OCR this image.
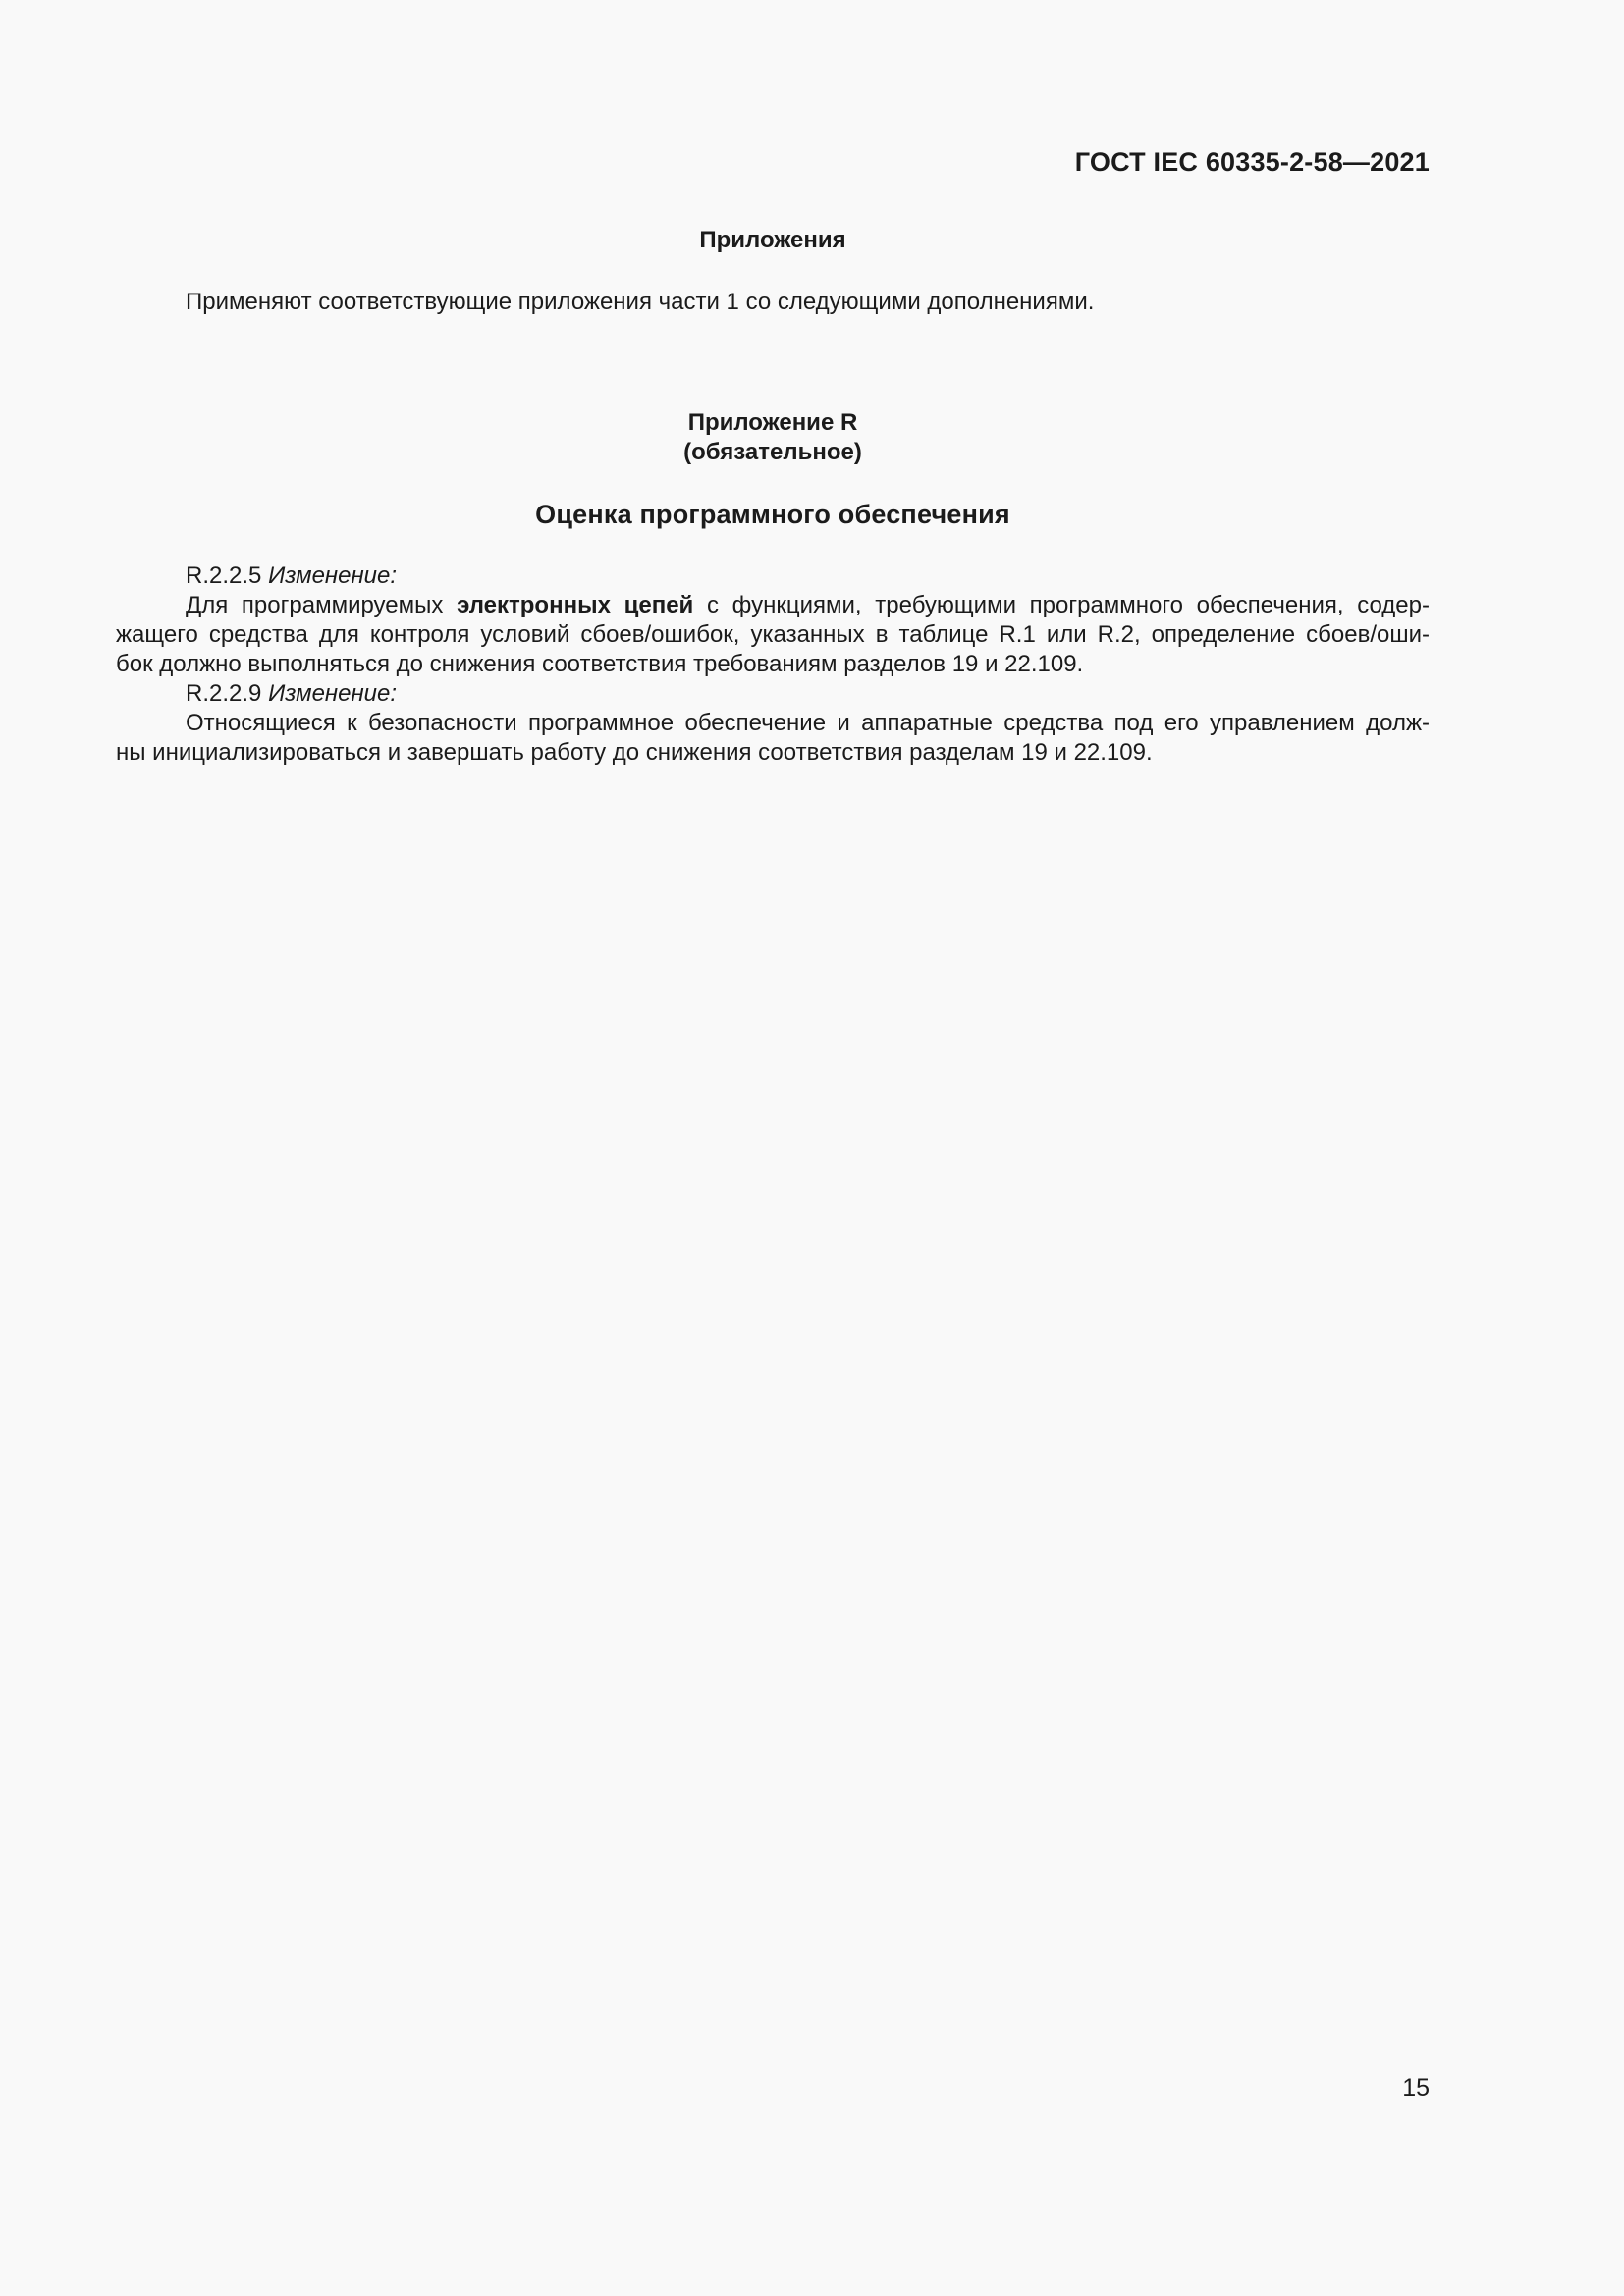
ГОСТ IEC 60335-2-58—2021
Приложения
Применяют соответствующие приложения части 1 со следующими дополнениями.
Приложение R
(обязательное)
Оценка программного обеспечения
R.2.2.5 Изменение:
Для программируемых электронных цепей с функциями, требующими программного обеспечения, содер-
жащего средства для контроля условий сбоев/ошибок, указанных в таблице R.1 или R.2, определение сбоев/оши-
бок должно выполняться до снижения соответствия требованиям разделов 19 и 22.109.
R.2.2.9 Изменение:
Относящиеся к безопасности программное обеспечение и аппаратные средства под его управлением долж-
ны инициализироваться и завершать работу до снижения соответствия разделам 19 и 22.109.
15
